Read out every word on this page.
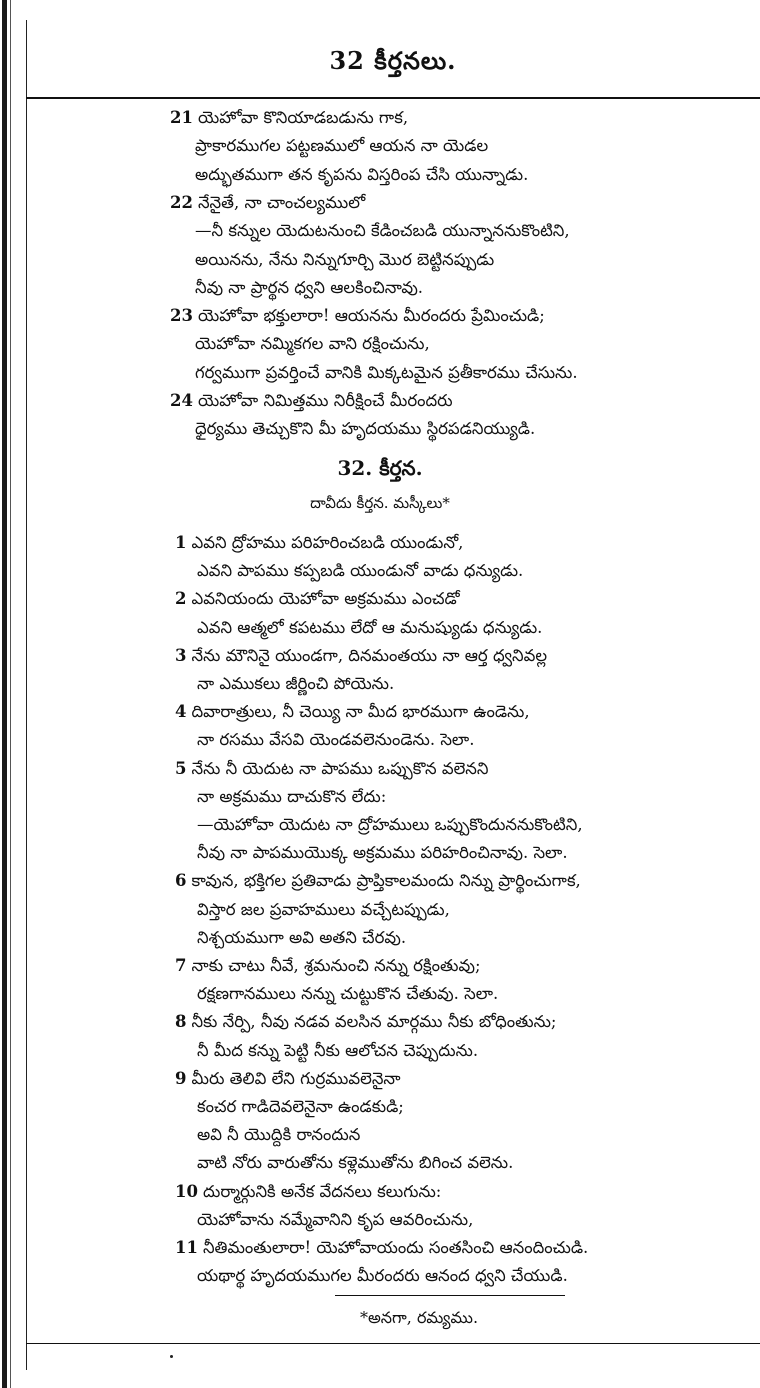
32 కీర్తనలు.
21 యెహోవా కొనియాడబడును గాక,
ప్రాకారముగల పట్టణములో ఆయన నా యెడల
అద్భుతముగా తన కృపను విస్తరింప చేసి యున్నాడు.
22 నేనైతే, నా చాంచల్యములో
—నీ కన్నుల యెదుటనుంచి కేడించబడి యున్నాననుకొంటిని,
అయినను, నేను నిన్నుగూర్చి మొర బెట్టినప్పుడు
నీవు నా ప్రార్థన ధ్వని ఆలకించినావు.
23 యెహోవా భక్తులారా! ఆయనను మీరందరు ప్రేమించుడి;
యెహోవా నమ్మికగల వాని రక్షించును,
గర్వముగా ప్రవర్తించే వానికి మిక్కటమైన ప్రతీకారము చేసును.
24 యెహోవా నిమిత్తము నిరీక్షించే మీరందరు
ధైర్యము తెచ్చుకొని మీ హృదయము స్థిరపడనియ్యుడి.
1 ఎవని ద్రోహము పరిహరించబడి యుండునో,
ఎవని పాపము కప్పబడి యుండునో వాడు ధన్యుడు.
2 ఎవనియందు యెహోవా అక్రమము ఎంచడో
ఎవని ఆత్మలో కపటము లేదో ఆ మనుష్యుడు ధన్యుడు.
3 నేను మౌనినై యుండగా, దినమంతయు నా ఆర్త ధ్వనివల్ల
నా ఎముకలు జీర్ణించి పోయెను.
4 దివారాత్రులు, నీ చెయ్యి నా మీద భారముగా ఉండెను,
నా రసము వేసవి యెండవలెనుండెను. సెలా.
5 నేను నీ యెదుట నా పాపము ఒప్పుకొన వలెనని
నా అక్రమము దాచుకొన లేదు:
—యెహోవా యెదుట నా ద్రోహములు ఒప్పుకొందుననుకొంటిని,
నీవు నా పాపముయొక్క అక్రమము పరిహరించినావు. సెలా.
6 కావున, భక్తిగల ప్రతివాడు ప్రాప్తికాలమందు నిన్ను ప్రార్థించుగాక,
విస్తార జల ప్రవాహములు వచ్చేటప్పుడు,
నిశ్చయముగా అవి అతని చేరవు.
7 నాకు చాటు నీవే, శ్రమనుంచి నన్ను రక్షింతువు;
రక్షణగానములు నన్ను చుట్టుకొన చేతువు. సెలా.
8 నీకు నేర్పి, నీవు నడవ వలసిన మార్గము నీకు బోధింతును;
నీ మీద కన్ను పెట్టి నీకు ఆలోచన చెప్పుదును.
9 మీరు తెలివి లేని గుర్రమువలెనైనా
కంచర గాడిదెవలెనైనా ఉండకుడి;
అవి నీ యొద్దికి రానందున
వాటి నోరు వారుతోను కళ్లెముతోను బిగించ వలెను.
10 దుర్మార్గునికి అనేక వేదనలు కలుగును:
యెహోవాను నమ్మేవానిని కృప ఆవరించును,
11 నీతిమంతులారా! యెహోవాయందు సంతసించి ఆనందించుడి.
యథార్థ హృదయముగల మీరందరు ఆనంద ధ్వని చేయుడి.
32. కీర్తన.
దావీదు కీర్తన. మస్కీలు*
*అనగా, రమ్యము.
